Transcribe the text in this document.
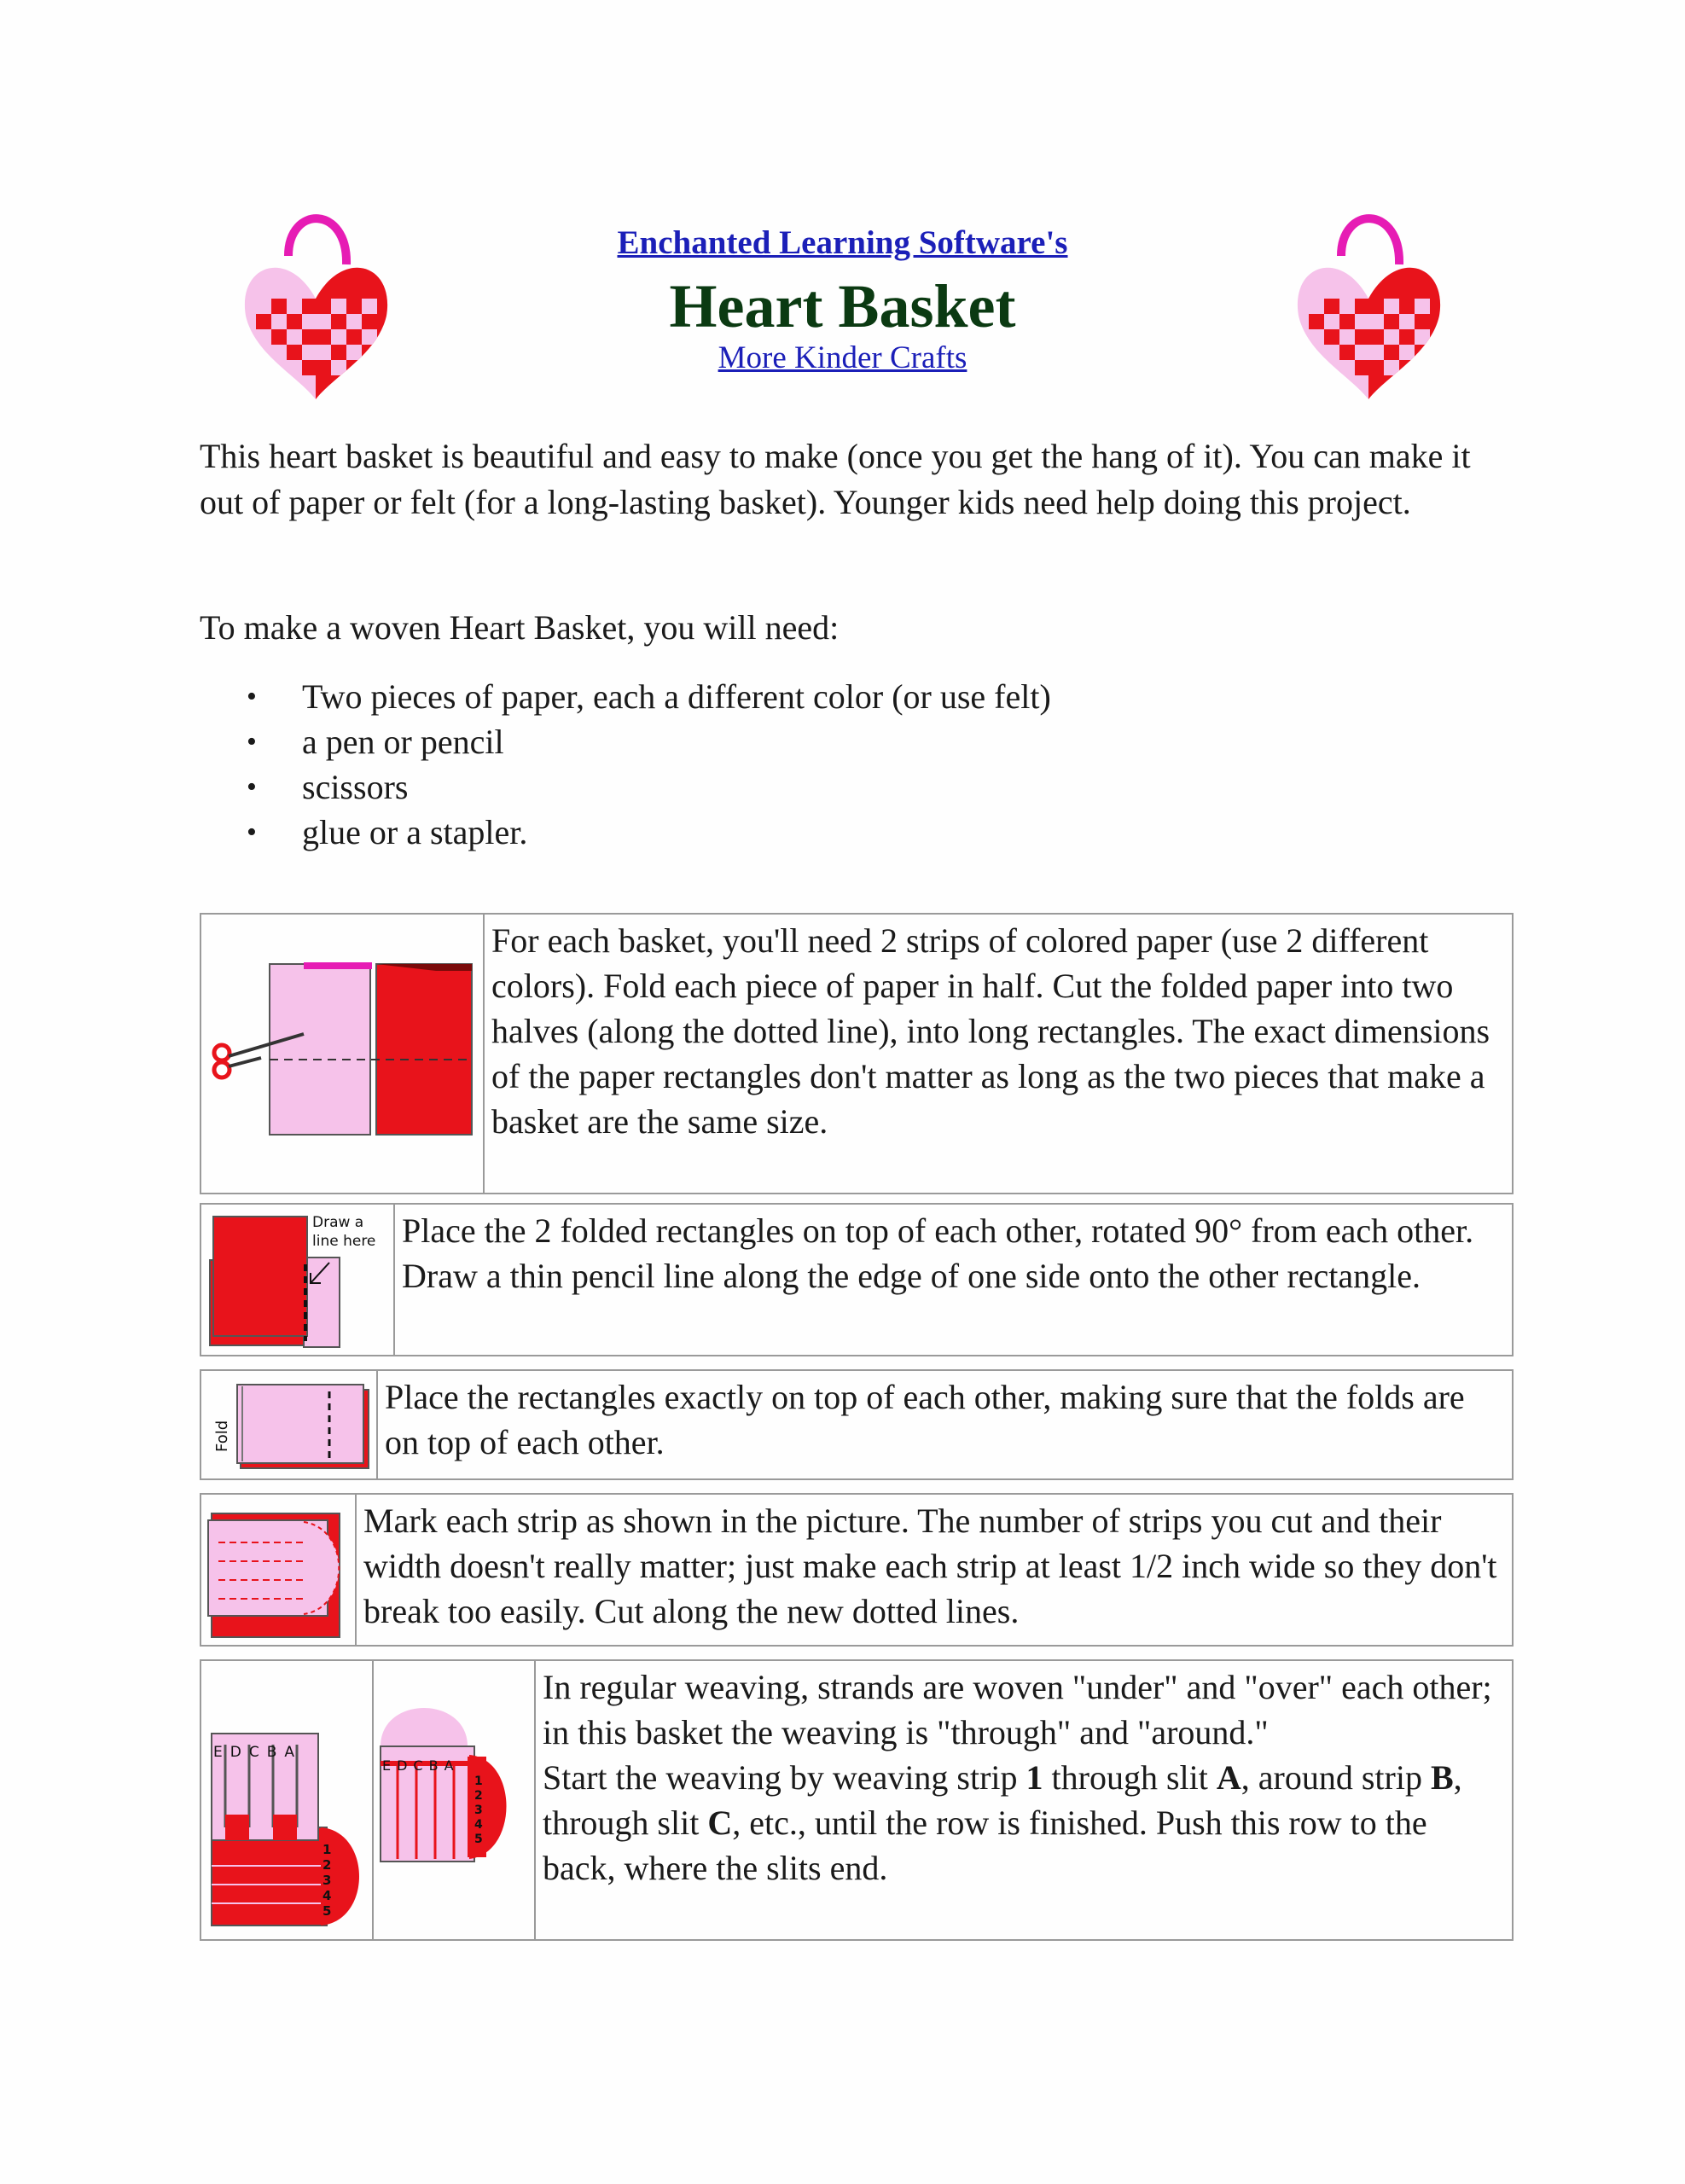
Enchanted Learning Software's
Heart Basket
More Kinder Crafts
This heart basket is beautiful and easy to make (once you get the hang of it). You can make it out of paper or felt (for a long-lasting basket). Younger kids need help doing this project.
To make a woven Heart Basket, you will need:
• Two pieces of paper, each a different color (or use felt)
• a pen or pencil
• scissors
• glue or a stapler.
For each basket, you'll need 2 strips of colored paper (use 2 different colors). Fold each piece of paper in half. Cut the folded paper into two halves (along the dotted line), into long rectangles. The exact dimensions of the paper rectangles don't matter as long as the two pieces that make a basket are the same size.
Draw a line here Place the 2 folded rectangles on top of each other, rotated 90° from each other. Draw a thin pencil line along the edge of one side onto the other rectangle.
Fold
Place the rectangles exactly on top of each other, making sure that the folds are on top of each other.
Mark each strip as shown in the picture. The number of strips you cut and their width doesn't really matter; just make each strip at least 1/2 inch wide so they don't break too easily. Cut along the new dotted lines.
EDCBA
1 2 3 4 5
EDCBA
1 2 3 4 5
In regular weaving, strands are woven "under" and "over" each other; in this basket the weaving is "through" and "around."
Start the weaving by weaving strip 1 through slit A, around strip B, through slit C, etc., until the row is finished. Push this row to the back, where the slits end.
